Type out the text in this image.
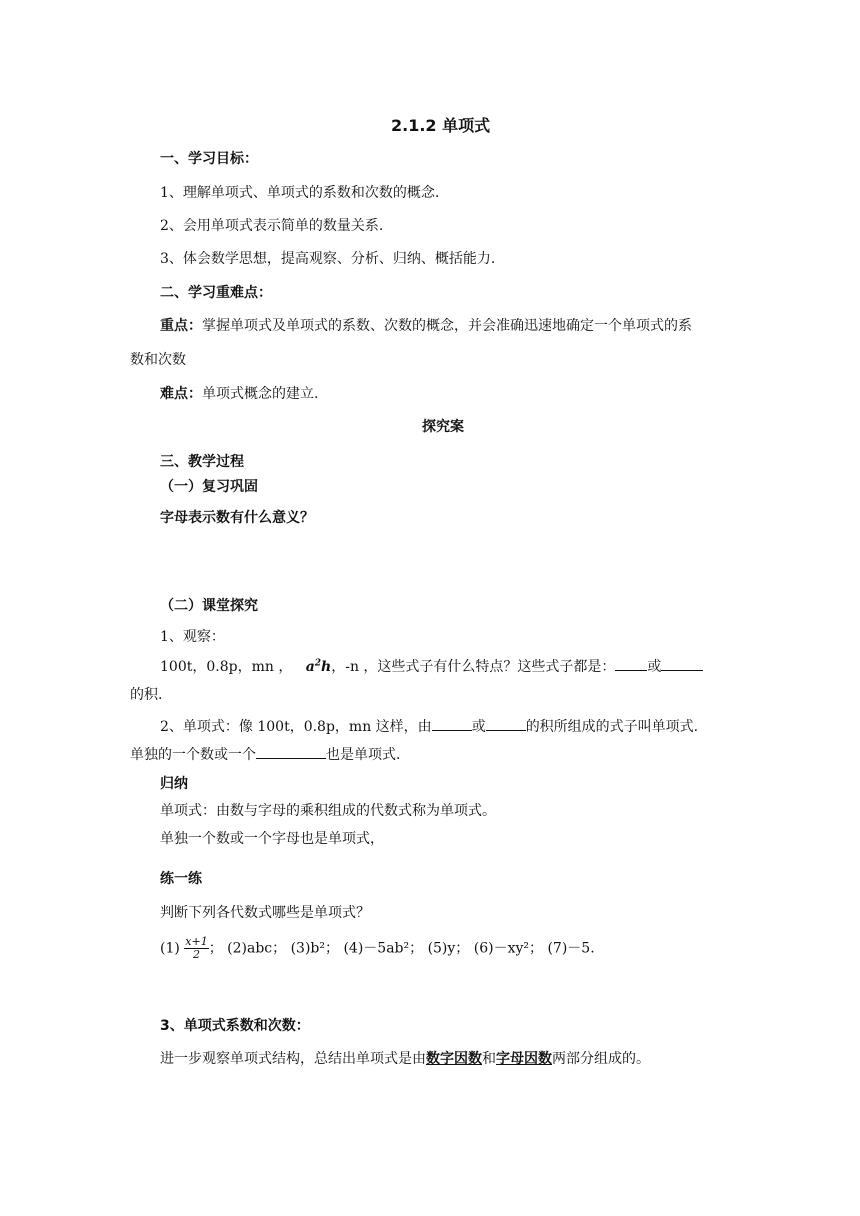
2.1.2 单项式
一、学习目标：
1、理解单项式、单项式的系数和次数的概念.
2、会用单项式表示简单的数量关系.
3、体会数学思想，提高观察、分析、归纳、概括能力.
二、学习重难点：
重点：掌握单项式及单项式的系数、次数的概念，并会准确迅速地确定一个单项式的系
数和次数
难点：单项式概念的建立.
探究案
三、教学过程
（一）复习巩固
字母表示数有什么意义？
（二）课堂探究
1、观察：
100t，0.8p，mn ， $a^2h$，-n ，这些式子有什么特点？这些式子都是： 或
的积.
2、单项式：像 100t，0.8p，mn 这样，由	或	的积所组成的式子叫单项式.
单独的一个数或一个	也是单项式.
归纳
单项式：由数与字母的乘积组成的代数式称为单项式。
单独一个数或一个字母也是单项式，
练一练
判断下列各代数式哪些是单项式？
$(1) \frac{x+1}{2}$ ； (2)abc； (3)b²； (4)－5ab²； (5)y； (6)－xy²； (7)－5.
3、单项式系数和次数：
进一步观察单项式结构，总结出单项式是由数字因数和字母因数两部分组成的。
